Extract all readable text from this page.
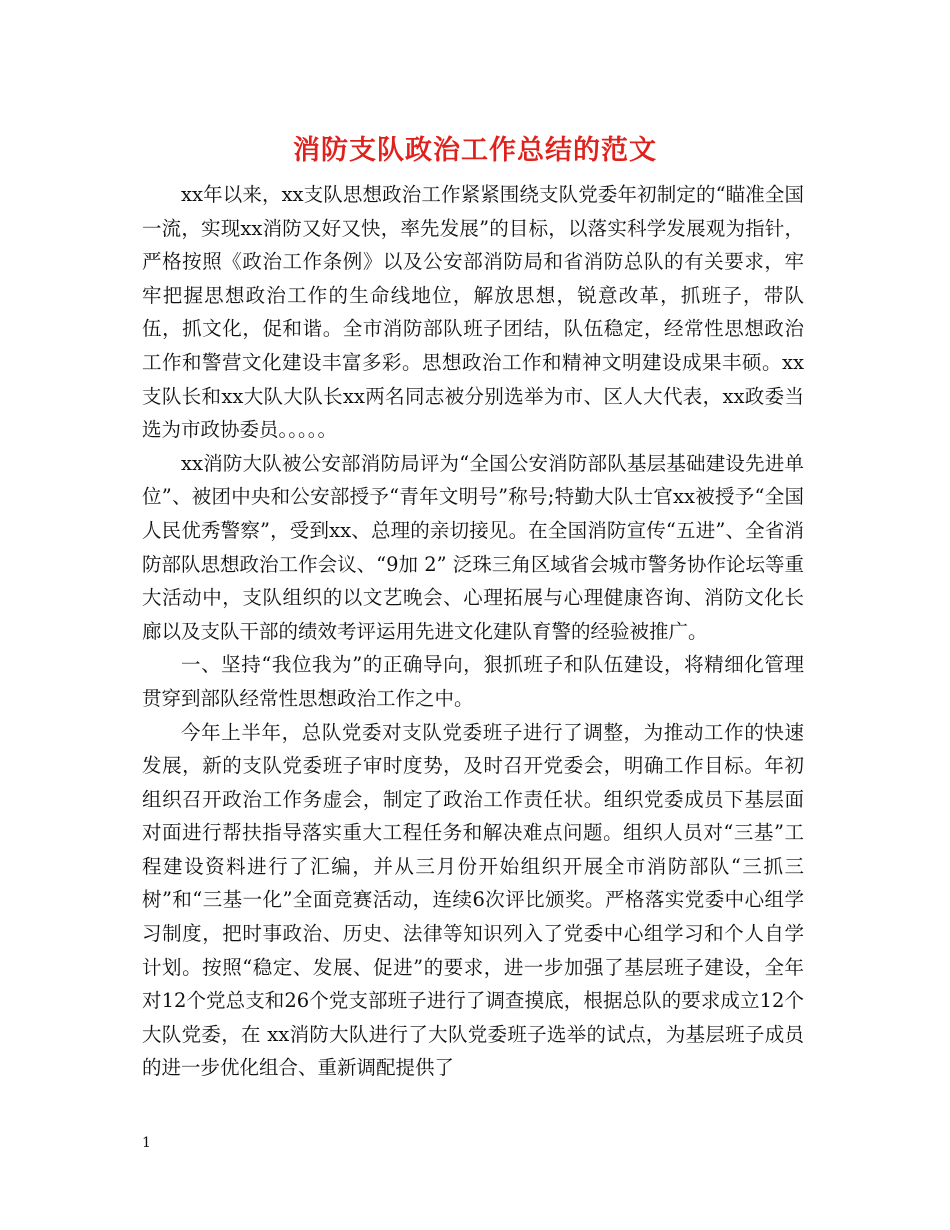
消防支队政治工作总结的范文

xx年以来，xx支队思想政治工作紧紧围绕支队党委年初制定的“瞄准全国一流，实现xx消防又好又快，率先发展”的目标，以落实科学发展观为指针，严格按照《政治工作条例》以及公安部消防局和省消防总队的有关要求，牢牢把握思想政治工作的生命线地位，解放思想，锐意改革，抓班子，带队伍，抓文化，促和谐。全市消防部队班子团结，队伍稳定，经常性思想政治工作和警营文化建设丰富多彩。思想政治工作和精神文明建设成果丰硕。xx支队长和xx大队大队长xx两名同志被分别选举为市、区人大代表，xx政委当选为市政协委员。。。。。

xx消防大队被公安部消防局评为“全国公安消防部队基层基础建设先进单位”、被团中央和公安部授予“青年文明号”称号;特勤大队士官xx被授予“全国人民优秀警察”，受到xx、总理的亲切接见。在全国消防宣传“五进”、全省消防部队思想政治工作会议、“9加 2” 泛珠三角区域省会城市警务协作论坛等重大活动中，支队组织的以文艺晚会、心理拓展与心理健康咨询、消防文化长廊以及支队干部的绩效考评运用先进文化建队育警的经验被推广。

一、坚持“我位我为”的正确导向，狠抓班子和队伍建设，将精细化管理贯穿到部队经常性思想政治工作之中。

今年上半年，总队党委对支队党委班子进行了调整，为推动工作的快速发展，新的支队党委班子审时度势，及时召开党委会，明确工作目标。年初组织召开政治工作务虚会，制定了政治工作责任状。组织党委成员下基层面对面进行帮扶指导落实重大工程任务和解决难点问题。组织人员对“三基”工程建设资料进行了汇编，并从三月份开始组织开展全市消防部队“三抓三树”和“三基一化”全面竞赛活动，连续6次评比颁奖。严格落实党委中心组学习制度，把时事政治、历史、法律等知识列入了党委中心组学习和个人自学计划。按照“稳定、发展、促进”的要求，进一步加强了基层班子建设，全年对12个党总支和26个党支部班子进行了调查摸底，根据总队的要求成立12个大队党委，在 xx消防大队进行了大队党委班子选举的试点，为基层班子成员的进一步优化组合、重新调配提供了

1
